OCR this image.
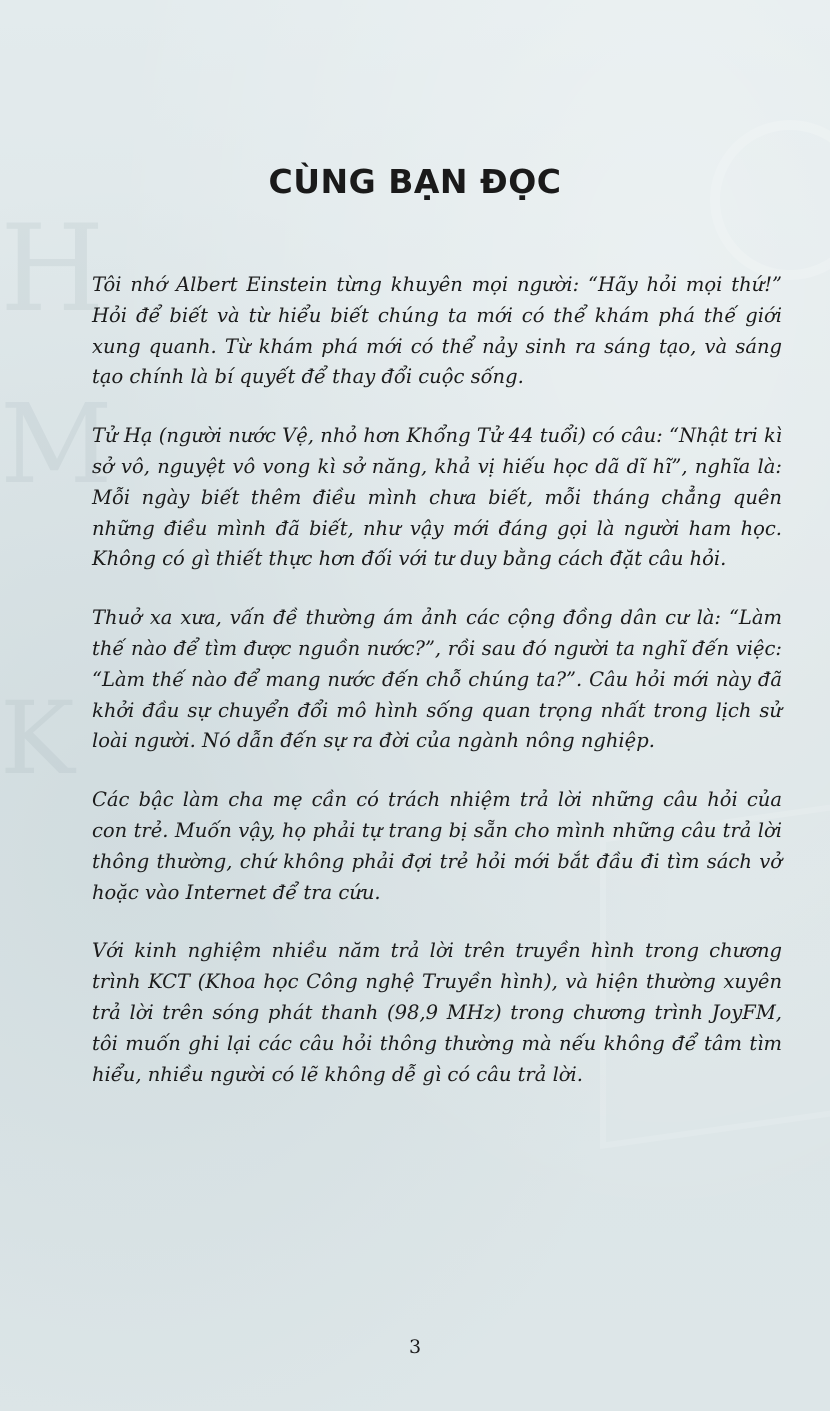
H
M
K
CÙNG BẠN ĐỌC

Tôi nhớ Albert Einstein từng khuyên mọi người: “Hãy hỏi mọi thứ!” Hỏi để biết và từ hiểu biết chúng ta mới có thể khám phá thế giới xung quanh. Từ khám phá mới có thể nảy sinh ra sáng tạo, và sáng tạo chính là bí quyết để thay đổi cuộc sống.

Tử Hạ (người nước Vệ, nhỏ hơn Khổng Tử 44 tuổi) có câu: “Nhật tri kì sở vô, nguyệt vô vong kì sở năng, khả vị hiếu học dã dĩ hĩ”, nghĩa là: Mỗi ngày biết thêm điều mình chưa biết, mỗi tháng chẳng quên những điều mình đã biết, như vậy mới đáng gọi là người ham học. Không có gì thiết thực hơn đối với tư duy bằng cách đặt câu hỏi.

Thuở xa xưa, vấn đề thường ám ảnh các cộng đồng dân cư là: “Làm thế nào để tìm được nguồn nước?”, rồi sau đó người ta nghĩ đến việc: “Làm thế nào để mang nước đến chỗ chúng ta?”. Câu hỏi mới này đã khởi đầu sự chuyển đổi mô hình sống quan trọng nhất trong lịch sử loài người. Nó dẫn đến sự ra đời của ngành nông nghiệp.

Các bậc làm cha mẹ cần có trách nhiệm trả lời những câu hỏi của con trẻ. Muốn vậy, họ phải tự trang bị sẵn cho mình những câu trả lời thông thường, chứ không phải đợi trẻ hỏi mới bắt đầu đi tìm sách vở hoặc vào Internet để tra cứu.

Với kinh nghiệm nhiều năm trả lời trên truyền hình trong chương trình KCT (Khoa học Công nghệ Truyền hình), và hiện thường xuyên trả lời trên sóng phát thanh (98,9 MHz) trong chương trình JoyFM, tôi muốn ghi lại các câu hỏi thông thường mà nếu không để tâm tìm hiểu, nhiều người có lẽ không dễ gì có câu trả lời.

3
